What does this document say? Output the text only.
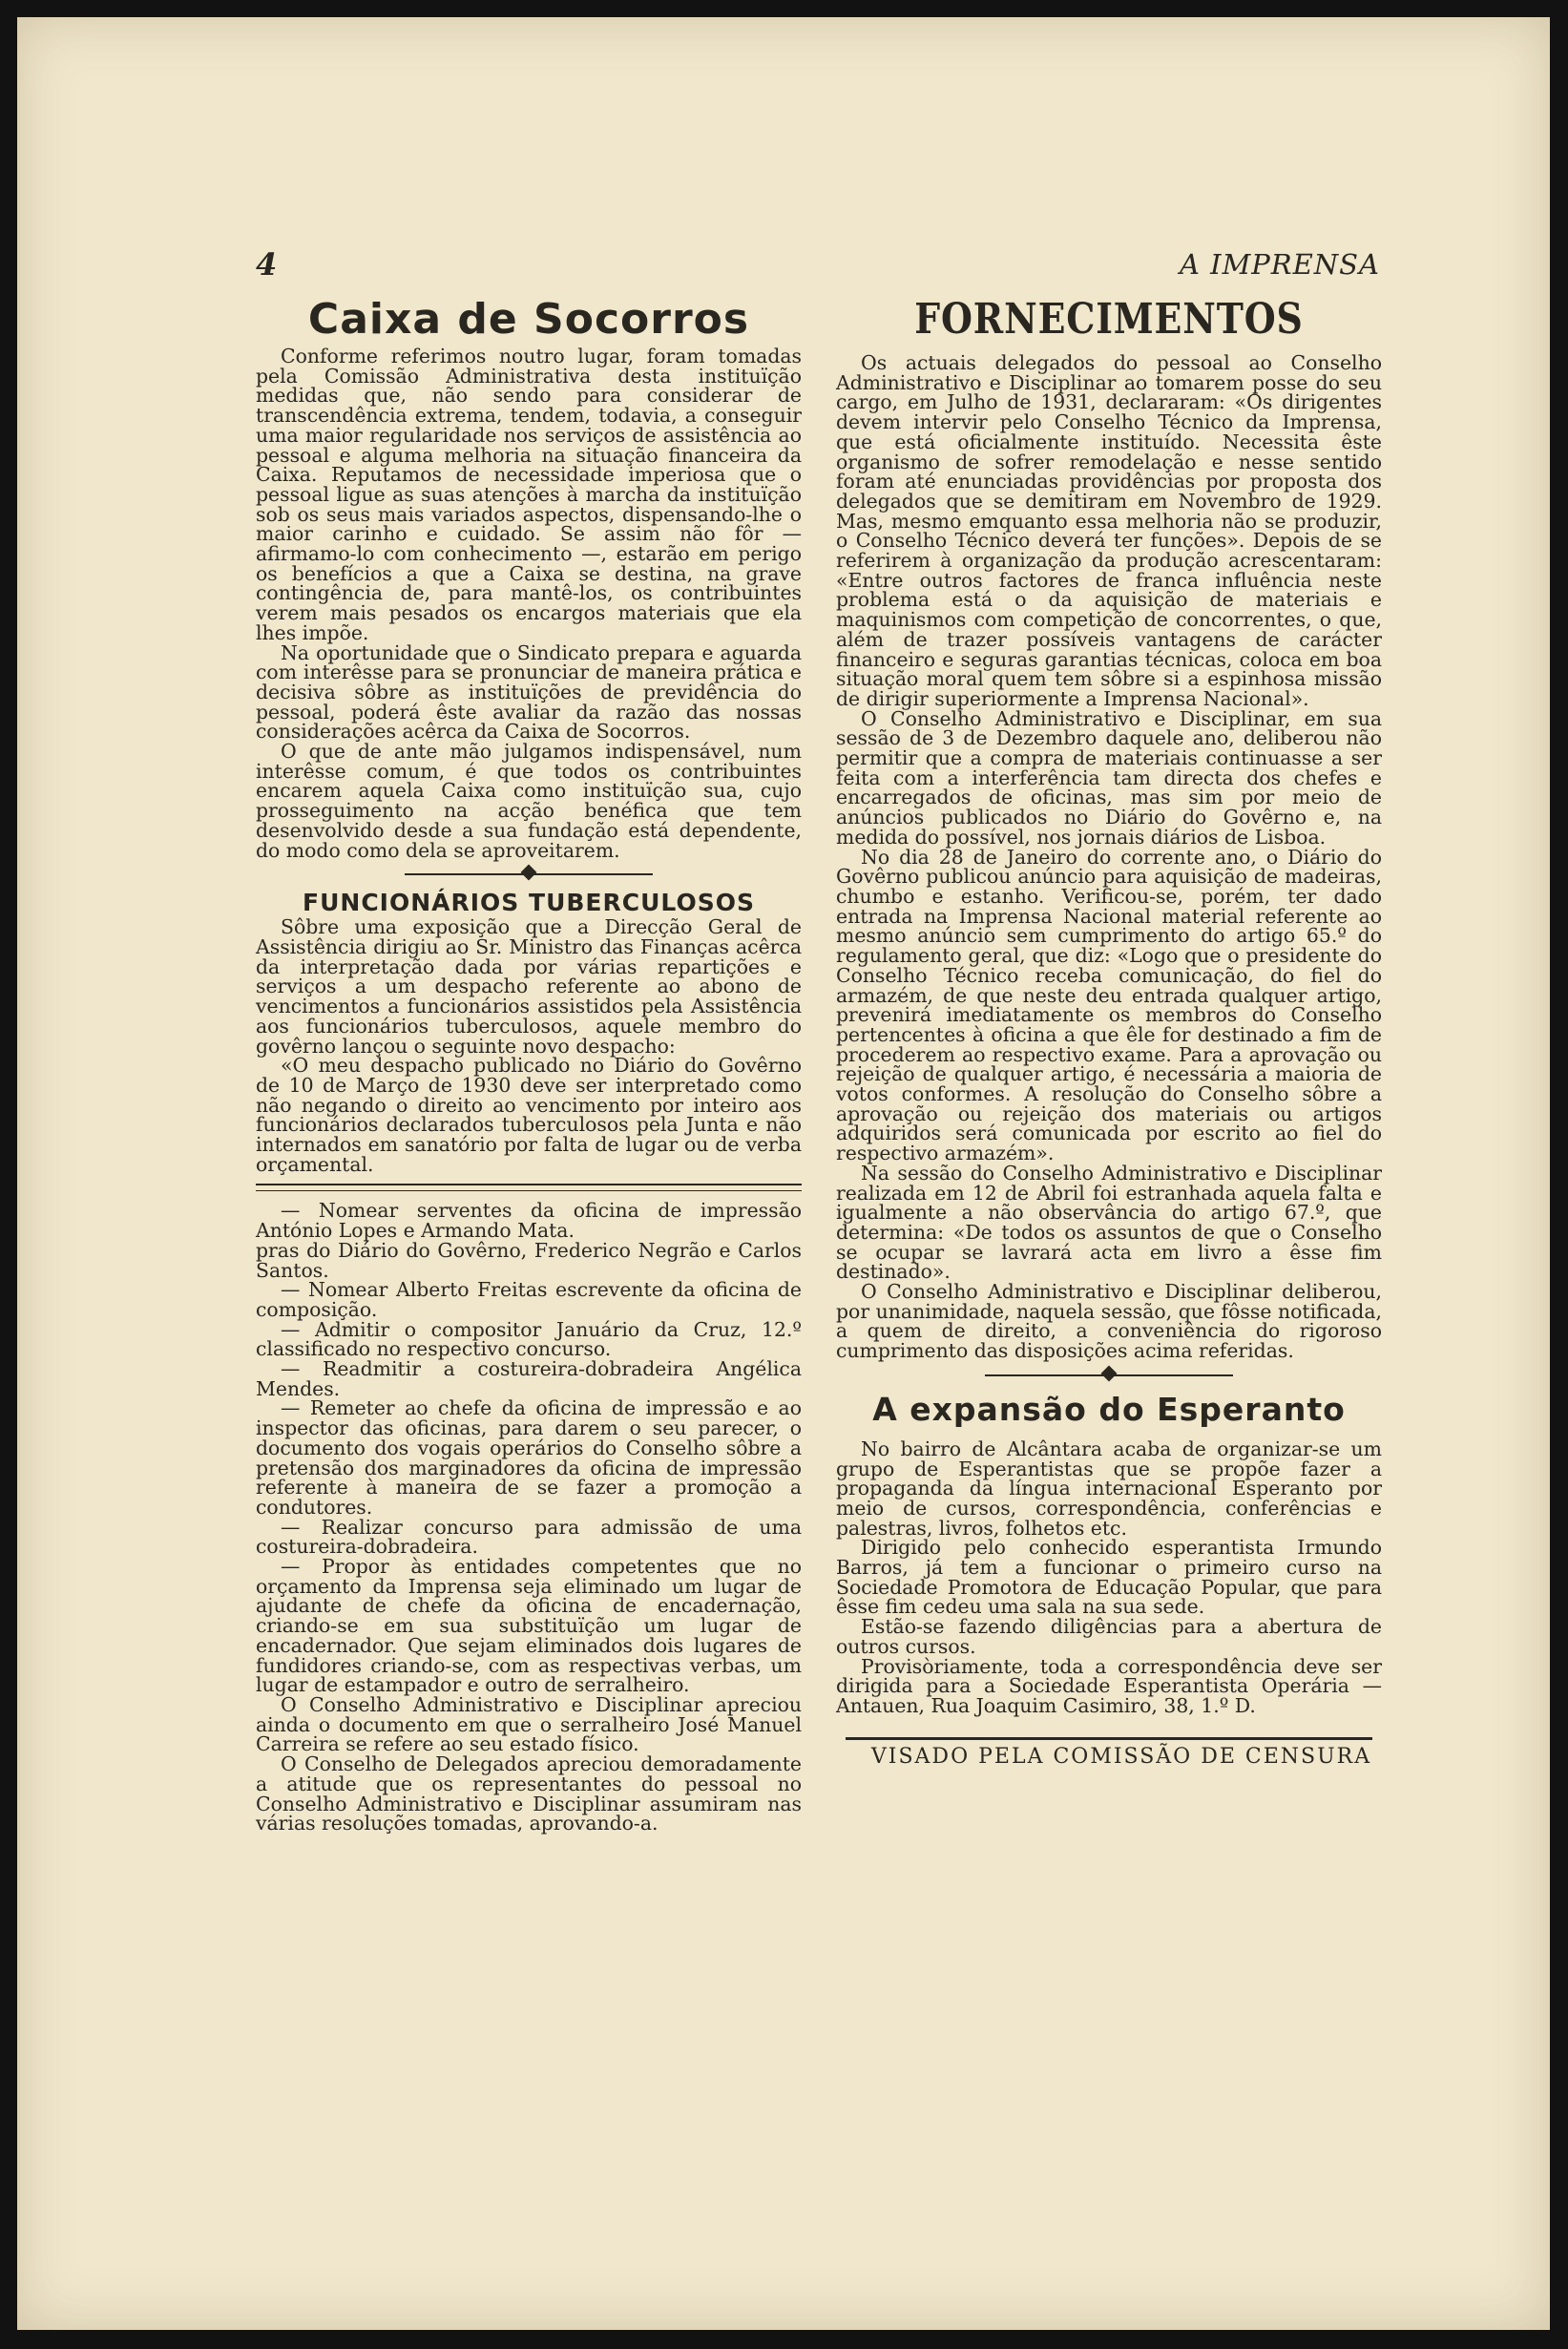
4	A IMPRENSA
Caixa de Socorros

Conforme referimos noutro lugar, foram tomadas pela Comissão Administrativa desta instituïção medidas que, não sendo para considerar de transcendência extrema, tendem, todavia, a conseguir uma maior regularidade nos serviços de assistência ao pessoal e alguma melhoria na situação financeira da Caixa. Reputamos de necessidade imperiosa que o pessoal ligue as suas atenções à marcha da instituïção sob os seus mais variados aspectos, dispensando-lhe o maior carinho e cuidado. Se assim não fôr — afirmamo-lo com conhecimento —, estarão em perigo os benefícios a que a Caixa se destina, na grave contingência de, para mantê-los, os contribuintes verem mais pesados os encargos materiais que ela lhes impõe.

Na oportunidade que o Sindicato prepara e aguarda com interêsse para se pronunciar de maneira prática e decisiva sôbre as instituïções de previdência do pessoal, poderá êste avaliar da razão das nossas considerações acêrca da Caixa de Socorros.

O que de ante mão julgamos indispensável, num interêsse comum, é que todos os contribuintes encarem aquela Caixa como instituïção sua, cujo prosseguimento na acção benéfica que tem desenvolvido desde a sua fundação está dependente, do modo como dela se aproveitarem.

FUNCIONÁRIOS TUBERCULOSOS

Sôbre uma exposição que a Direcção Geral de Assistência dirigiu ao Sr. Ministro das Finanças acêrca da interpretação dada por várias repartições e serviços a um despacho referente ao abono de vencimentos a funcionários assistidos pela Assistência aos funcionários tuberculosos, aquele membro do govêrno lançou o seguinte novo despacho:

«O meu despacho publicado no Diário do Govêrno de 10 de Março de 1930 deve ser interpretado como não negando o direito ao vencimento por inteiro aos funcionários declarados tuberculosos pela Junta e não internados em sanatório por falta de lugar ou de verba orçamental.

— Nomear serventes da oficina de impressão António Lopes e Armando Mata.

pras do Diário do Govêrno, Frederico Negrão e Carlos Santos.

— Nomear Alberto Freitas escrevente da oficina de composição.

— Admitir o compositor Januário da Cruz, 12.º classificado no respectivo concurso.

— Readmitir a costureira-dobradeira Angélica Mendes.

— Remeter ao chefe da oficina de impressão e ao inspector das oficinas, para darem o seu parecer, o documento dos vogais operários do Conselho sôbre a pretensão dos marginadores da oficina de impressão referente à maneira de se fazer a promoção a condutores.

— Realizar concurso para admissão de uma costureira-dobradeira.

— Propor às entidades competentes que no orçamento da Imprensa seja eliminado um lugar de ajudante de chefe da oficina de encadernação, criando-se em sua substituïção um lugar de encadernador. Que sejam eliminados dois lugares de fundidores criando-se, com as respectivas verbas, um lugar de estampador e outro de serralheiro.

O Conselho Administrativo e Disciplinar apreciou ainda o documento em que o serralheiro José Manuel Carreira se refere ao seu estado físico.

O Conselho de Delegados apreciou demoradamente a atitude que os representantes do pessoal no Conselho Administrativo e Disciplinar assumiram nas várias resoluções tomadas, aprovando-a.

FORNECIMENTOS

Os actuais delegados do pessoal ao Conselho Administrativo e Disciplinar ao tomarem posse do seu cargo, em Julho de 1931, declararam: «Os dirigentes devem intervir pelo Conselho Técnico da Imprensa, que está oficialmente instituído. Necessita êste organismo de sofrer remodelação e nesse sentido foram até enunciadas providências por proposta dos delegados que se demitiram em Novembro de 1929. Mas, mesmo emquanto essa melhoria não se produzir, o Conselho Técnico deverá ter funções». Depois de se referirem à organização da produção acrescentaram: «Entre outros factores de franca influência neste problema está o da aquisição de materiais e maquinismos com competição de concorrentes, o que, além de trazer possíveis vantagens de carácter financeiro e seguras garantias técnicas, coloca em boa situação moral quem tem sôbre si a espinhosa missão de dirigir superiormente a Imprensa Nacional».

O Conselho Administrativo e Disciplinar, em sua sessão de 3 de Dezembro daquele ano, deliberou não permitir que a compra de materiais continuasse a ser feita com a interferência tam directa dos chefes e encarregados de oficinas, mas sim por meio de anúncios publicados no Diário do Govêrno e, na medida do possível, nos jornais diários de Lisboa.

No dia 28 de Janeiro do corrente ano, o Diário do Govêrno publicou anúncio para aquisição de madeiras, chumbo e estanho. Verificou-se, porém, ter dado entrada na Imprensa Nacional material referente ao mesmo anúncio sem cumprimento do artigo 65.º do regulamento geral, que diz: «Logo que o presidente do Conselho Técnico receba comunicação, do fiel do armazém, de que neste deu entrada qualquer artigo, prevenirá imediatamente os membros do Conselho pertencentes à oficina a que êle for destinado a fim de procederem ao respectivo exame. Para a aprovação ou rejeição de qualquer artigo, é necessária a maioria de votos conformes. A resolução do Conselho sôbre a aprovação ou rejeição dos materiais ou artigos adquiridos será comunicada por escrito ao fiel do respectivo armazém».

Na sessão do Conselho Administrativo e Disciplinar realizada em 12 de Abril foi estranhada aquela falta e igualmente a não observância do artigo 67.º, que determina: «De todos os assuntos de que o Conselho se ocupar se lavrará acta em livro a êsse fim destinado».

O Conselho Administrativo e Disciplinar deliberou, por unanimidade, naquela sessão, que fôsse notificada, a quem de direito, a conveniência do rigoroso cumprimento das disposições acima referidas.

A expansão do Esperanto

No bairro de Alcântara acaba de organizar-se um grupo de Esperantistas que se propõe fazer a propaganda da língua internacional Esperanto por meio de cursos, correspondência, conferências e palestras, livros, folhetos etc.

Dirigido pelo conhecido esperantista Irmundo Barros, já tem a funcionar o primeiro curso na Sociedade Promotora de Educação Popular, que para êsse fim cedeu uma sala na sua sede.

Estão-se fazendo diligências para a abertura de outros cursos.

Provisòriamente, toda a correspondência deve ser dirigida para a Sociedade Esperantista Operária — Antauen, Rua Joaquim Casimiro, 38, 1.º D.

VISADO PELA COMISSÃO DE CENSURA
